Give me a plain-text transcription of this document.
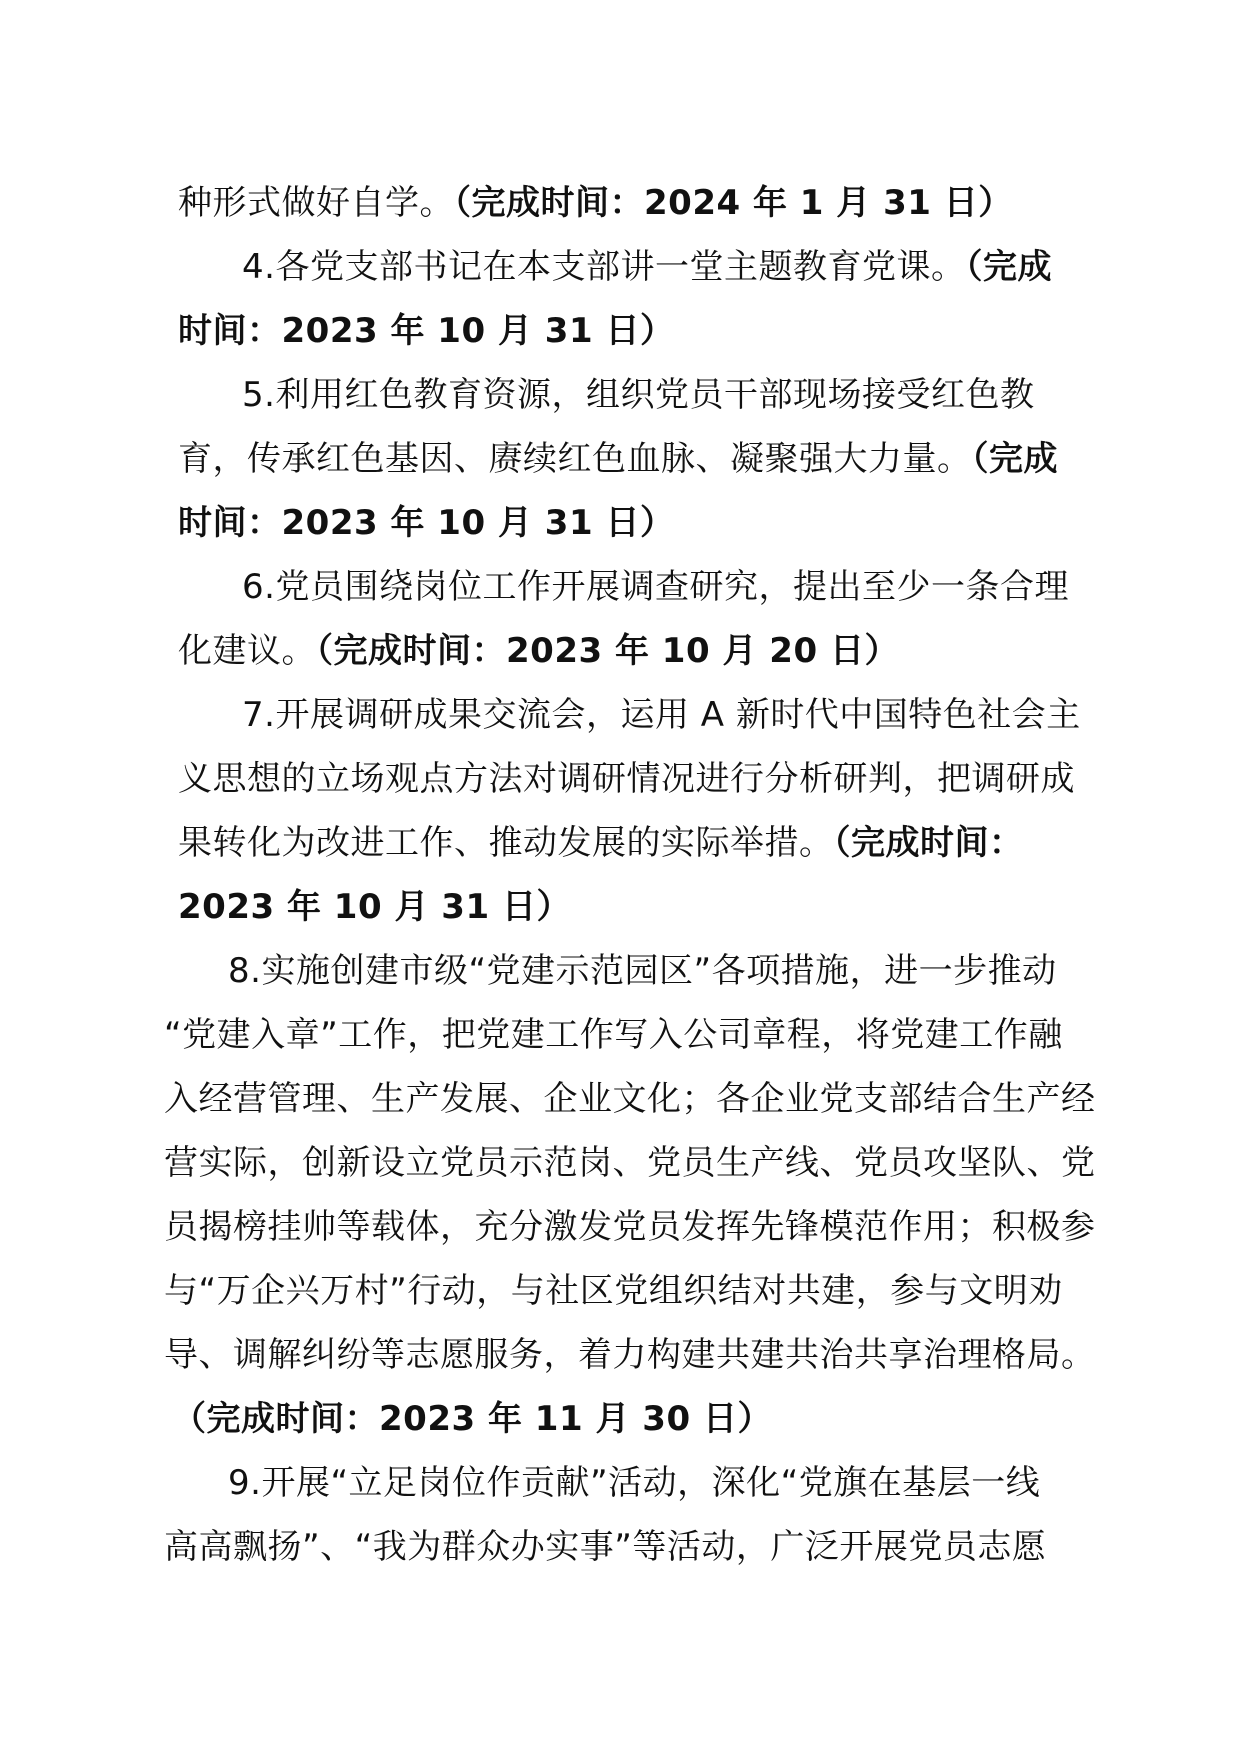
种形式做好自学。（完成时间：2024 年 1 月 31 日）
4.各党支部书记在本支部讲一堂主题教育党课。（完成
时间：2023 年 10 月 31 日）
5.利用红色教育资源，组织党员干部现场接受红色教
育，传承红色基因、赓续红色血脉、凝聚强大力量。（完成
时间：2023 年 10 月 31 日）
6.党员围绕岗位工作开展调查研究，提出至少一条合理
化建议。（完成时间：2023 年 10 月 20 日）
7.开展调研成果交流会，运用 A 新时代中国特色社会主
义思想的立场观点方法对调研情况进行分析研判，把调研成
果转化为改进工作、推动发展的实际举措。（完成时间：
2023 年 10 月 31 日）
8.实施创建市级“党建示范园区”各项措施，进一步推动
“党建入章”工作，把党建工作写入公司章程，将党建工作融
入经营管理、生产发展、企业文化；各企业党支部结合生产经
营实际，创新设立党员示范岗、党员生产线、党员攻坚队、党
员揭榜挂帅等载体，充分激发党员发挥先锋模范作用；积极参
与“万企兴万村”行动，与社区党组织结对共建，参与文明劝
导、调解纠纷等志愿服务，着力构建共建共治共享治理格局。
（完成时间：2023 年 11 月 30 日）
9.开展“立足岗位作贡献”活动，深化“党旗在基层一线
高高飘扬”、“我为群众办实事”等活动，广泛开展党员志愿
